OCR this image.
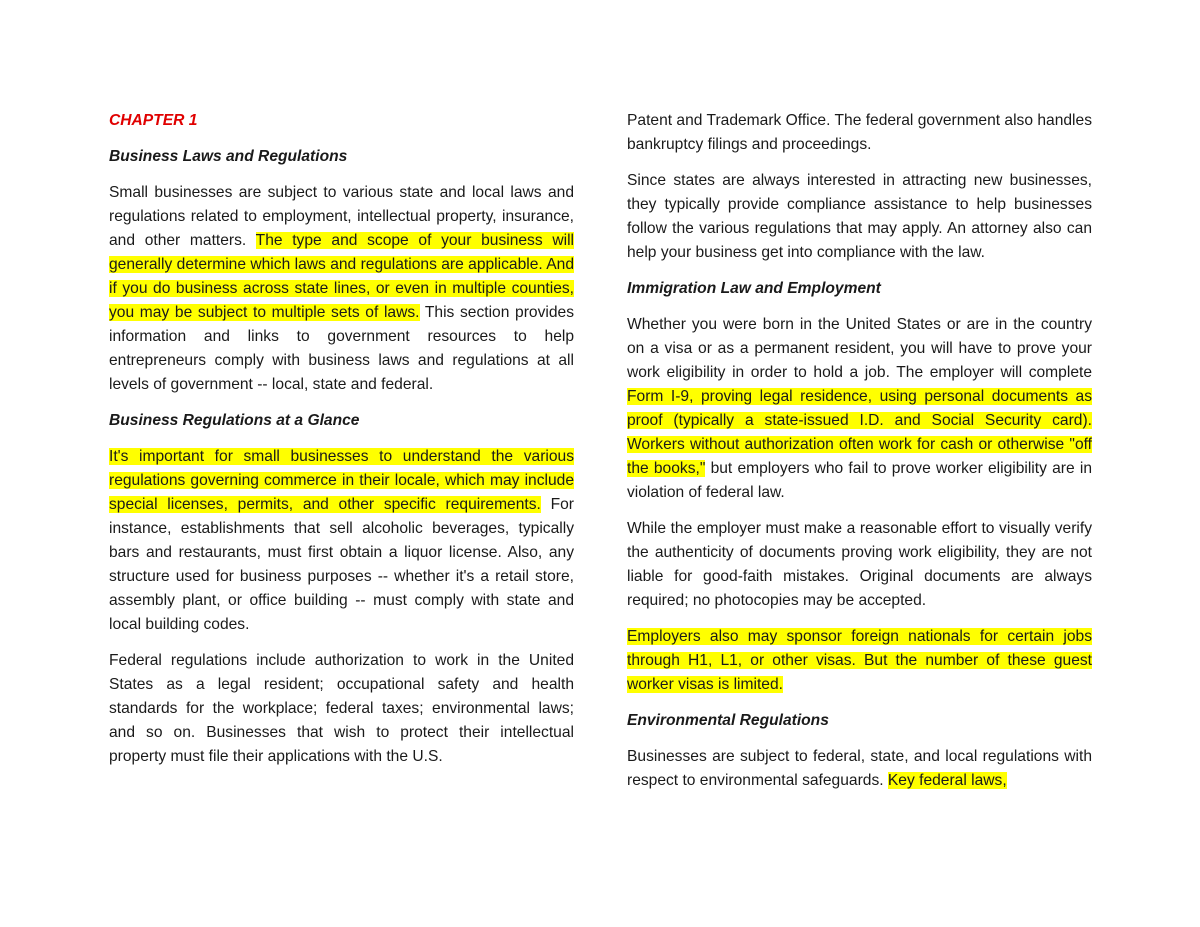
CHAPTER 1
Business Laws and Regulations

Small businesses are subject to various state and local laws and regulations related to employment, intellectual property, insurance, and other matters. The type and scope of your business will generally determine which laws and regulations are applicable. And if you do business across state lines, or even in multiple counties, you may be subject to multiple sets of laws. This section provides information and links to government resources to help entrepreneurs comply with business laws and regulations at all levels of government -- local, state and federal.

Business Regulations at a Glance

It's important for small businesses to understand the various regulations governing commerce in their locale, which may include special licenses, permits, and other specific requirements. For instance, establishments that sell alcoholic beverages, typically bars and restaurants, must first obtain a liquor license. Also, any structure used for business purposes -- whether it's a retail store, assembly plant, or office building -- must comply with state and local building codes.

Federal regulations include authorization to work in the United States as a legal resident; occupational safety and health standards for the workplace; federal taxes; environmental laws; and so on. Businesses that wish to protect their intellectual property must file their applications with the U.S.

Patent and Trademark Office. The federal government also handles bankruptcy filings and proceedings.

Since states are always interested in attracting new businesses, they typically provide compliance assistance to help businesses follow the various regulations that may apply. An attorney also can help your business get into compliance with the law.

Immigration Law and Employment

Whether you were born in the United States or are in the country on a visa or as a permanent resident, you will have to prove your work eligibility in order to hold a job. The employer will complete Form I-9, proving legal residence, using personal documents as proof (typically a state-issued I.D. and Social Security card). Workers without authorization often work for cash or otherwise "off the books," but employers who fail to prove worker eligibility are in violation of federal law.

While the employer must make a reasonable effort to visually verify the authenticity of documents proving work eligibility, they are not liable for good-faith mistakes. Original documents are always required; no photocopies may be accepted.

Employers also may sponsor foreign nationals for certain jobs through H1, L1, or other visas. But the number of these guest worker visas is limited.

Environmental Regulations

Businesses are subject to federal, state, and local regulations with respect to environmental safeguards. Key federal laws,
